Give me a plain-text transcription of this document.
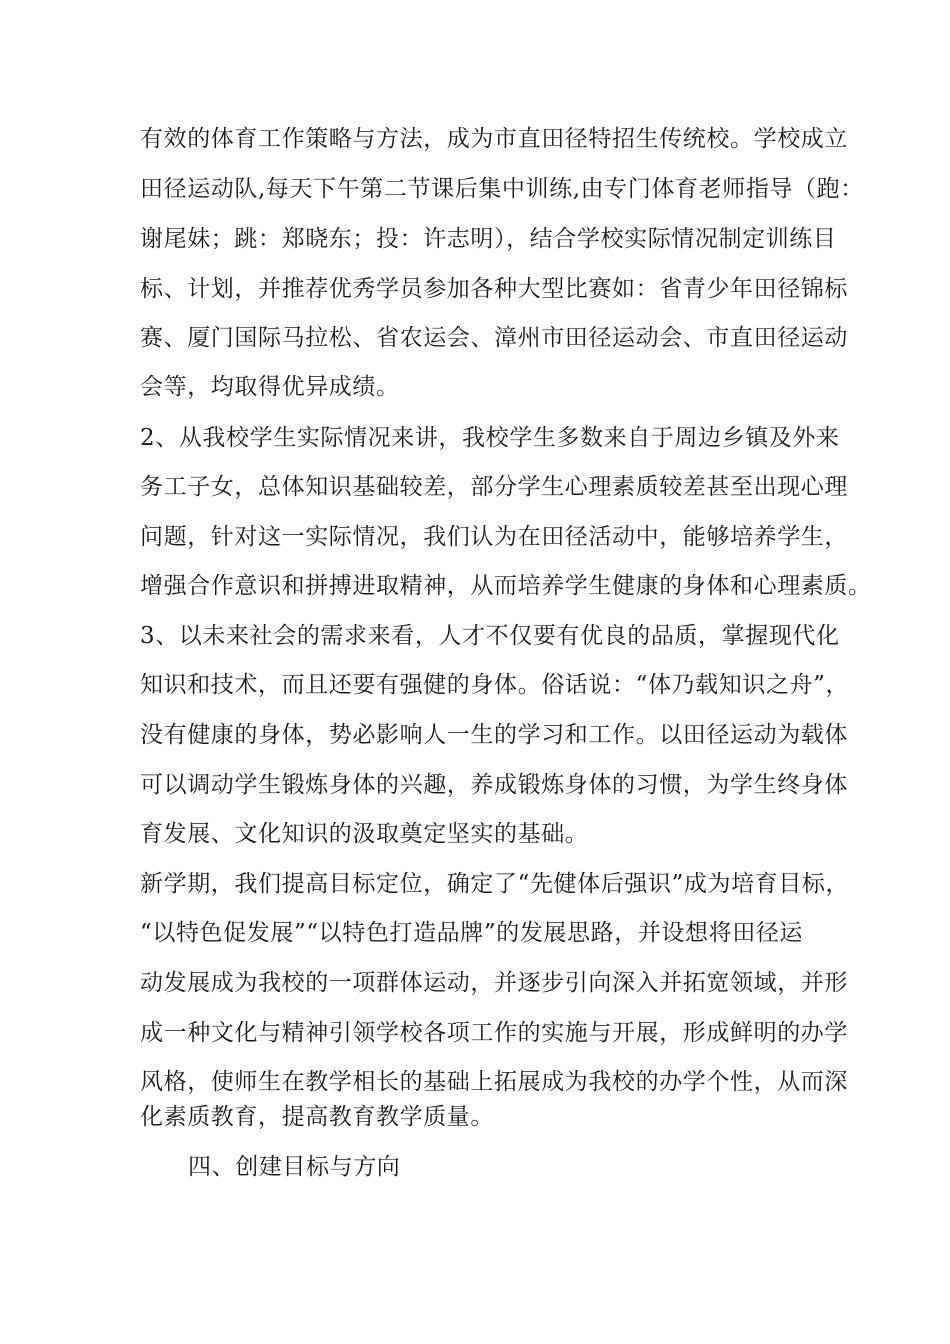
有效的体育工作策略与方法，成为市直田径特招生传统校。学校成立
田径运动队,每天下午第二节课后集中训练,由专门体育老师指导（跑：
谢尾妹；跳：郑晓东；投：许志明），结合学校实际情况制定训练目
标、计划，并推荐优秀学员参加各种大型比赛如：省青少年田径锦标
赛、厦门国际马拉松、省农运会、漳州市田径运动会、市直田径运动
会等，均取得优异成绩。
2、从我校学生实际情况来讲，我校学生多数来自于周边乡镇及外来
务工子女，总体知识基础较差，部分学生心理素质较差甚至出现心理
问题，针对这一实际情况，我们认为在田径活动中，能够培养学生，
增强合作意识和拼搏进取精神，从而培养学生健康的身体和心理素质。
3、以未来社会的需求来看，人才不仅要有优良的品质，掌握现代化
知识和技术，而且还要有强健的身体。俗话说：“体乃载知识之舟”，
没有健康的身体，势必影响人一生的学习和工作。以田径运动为载体
可以调动学生锻炼身体的兴趣，养成锻炼身体的习惯，为学生终身体
育发展、文化知识的汲取奠定坚实的基础。
新学期，我们提高目标定位，确定了“先健体后强识”成为培育目标，
“以特色促发展”“以特色打造品牌”的发展思路，并设想将田径运
动发展成为我校的一项群体运动，并逐步引向深入并拓宽领域，并形
成一种文化与精神引领学校各项工作的实施与开展，形成鲜明的办学
风格，使师生在教学相长的基础上拓展成为我校的办学个性，从而深
化素质教育，提高教育教学质量。
四、创建目标与方向
